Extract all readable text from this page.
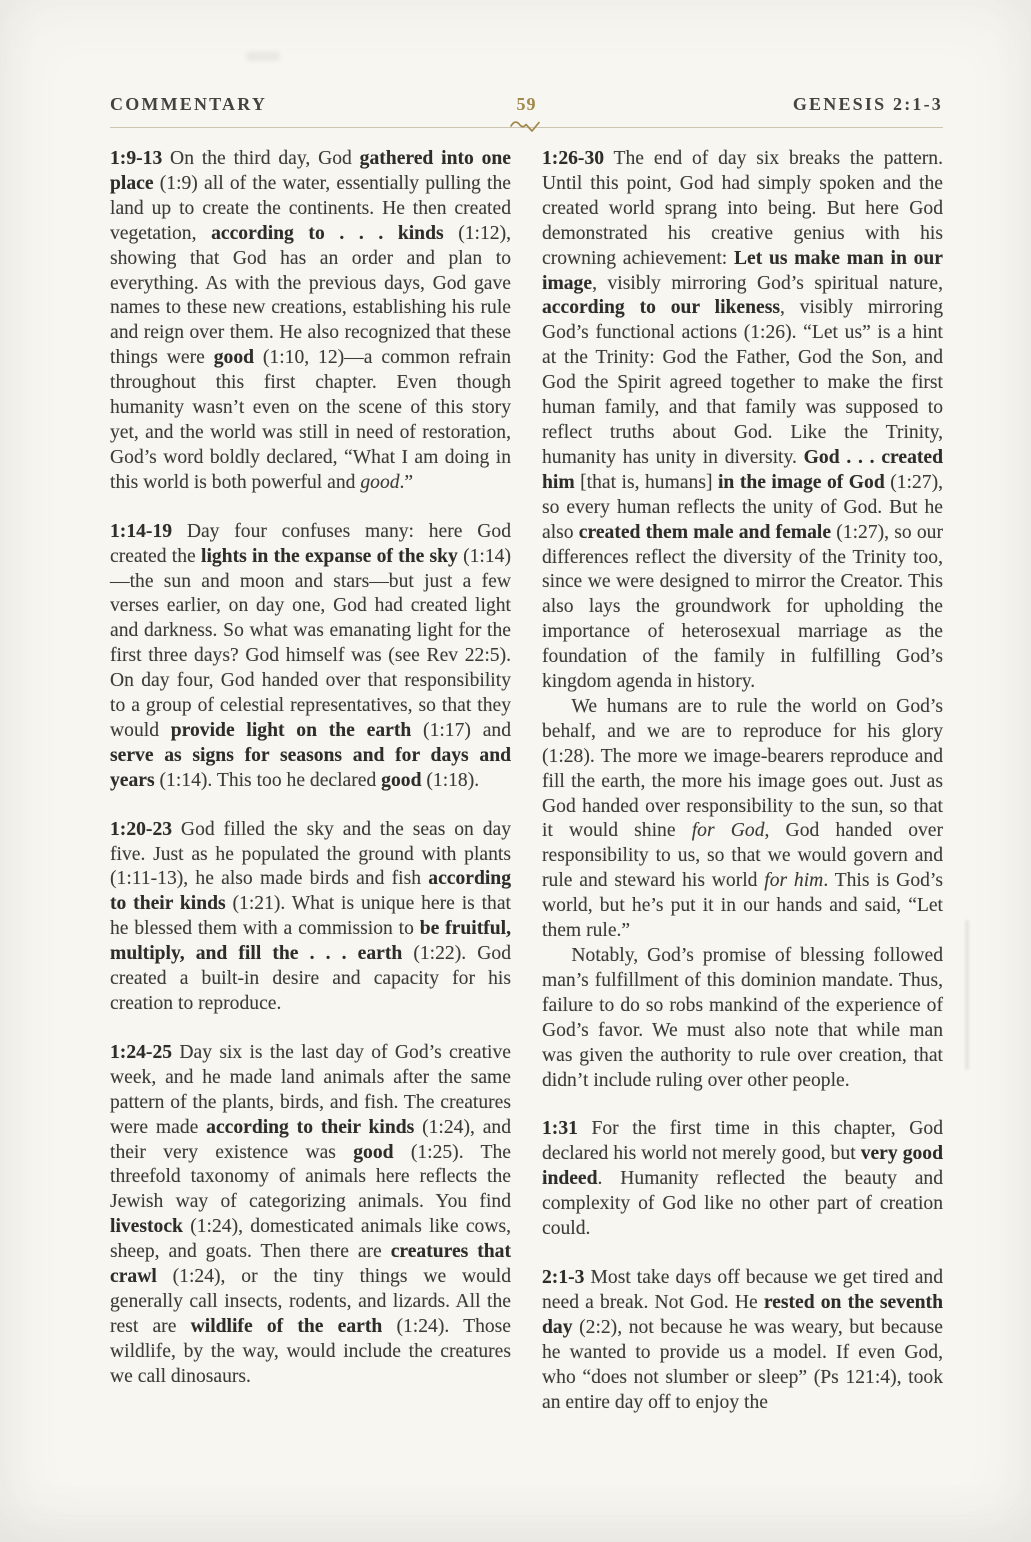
COMMENTARY	59	GENESIS 2:1-3

1:9-13 On the third day, God gathered into one place (1:9) all of the water, essentially pulling the land up to create the continents. He then created vegetation, according to . . . kinds (1:12), showing that God has an order and plan to everything. As with the previous days, God gave names to these new creations, establishing his rule and reign over them. He also recognized that these things were good (1:10, 12)—a common refrain throughout this first chapter. Even though humanity wasn’t even on the scene of this story yet, and the world was still in need of restoration, God’s word boldly declared, “What I am doing in this world is both powerful and good.”

1:14-19 Day four confuses many: here God created the lights in the expanse of the sky (1:14)—the sun and moon and stars—but just a few verses earlier, on day one, God had created light and darkness. So what was emanating light for the first three days? God himself was (see Rev 22:5). On day four, God handed over that responsibility to a group of celestial representatives, so that they would provide light on the earth (1:17) and serve as signs for seasons and for days and years (1:14). This too he declared good (1:18).

1:20-23 God filled the sky and the seas on day five. Just as he populated the ground with plants (1:11-13), he also made birds and fish according to their kinds (1:21). What is unique here is that he blessed them with a commission to be fruitful, multiply, and fill the . . . earth (1:22). God created a built-in desire and capacity for his creation to reproduce.

1:24-25 Day six is the last day of God’s creative week, and he made land animals after the same pattern of the plants, birds, and fish. The creatures were made according to their kinds (1:24), and their very existence was good (1:25). The threefold taxonomy of animals here reflects the Jewish way of categorizing animals. You find livestock (1:24), domesticated animals like cows, sheep, and goats. Then there are creatures that crawl (1:24), or the tiny things we would generally call insects, rodents, and lizards. All the rest are wildlife of the earth (1:24). Those wildlife, by the way, would include the creatures we call dinosaurs.

1:26-30 The end of day six breaks the pattern. Until this point, God had simply spoken and the created world sprang into being. But here God demonstrated his creative genius with his crowning achievement: Let us make man in our image, visibly mirroring God’s spiritual nature, according to our likeness, visibly mirroring God’s functional actions (1:26). “Let us” is a hint at the Trinity: God the Father, God the Son, and God the Spirit agreed together to make the first human family, and that family was supposed to reflect truths about God. Like the Trinity, humanity has unity in diversity. God . . . created him [that is, humans] in the image of God (1:27), so every human reflects the unity of God. But he also created them male and female (1:27), so our differences reflect the diversity of the Trinity too, since we were designed to mirror the Creator. This also lays the groundwork for upholding the importance of heterosexual marriage as the foundation of the family in fulfilling God’s kingdom agenda in history.

We humans are to rule the world on God’s behalf, and we are to reproduce for his glory (1:28). The more we image-bearers reproduce and fill the earth, the more his image goes out. Just as God handed over responsibility to the sun, so that it would shine for God, God handed over responsibility to us, so that we would govern and rule and steward his world for him. This is God’s world, but he’s put it in our hands and said, “Let them rule.”

Notably, God’s promise of blessing followed man’s fulfillment of this dominion mandate. Thus, failure to do so robs mankind of the experience of God’s favor. We must also note that while man was given the authority to rule over creation, that didn’t include ruling over other people.

1:31 For the first time in this chapter, God declared his world not merely good, but very good indeed. Humanity reflected the beauty and complexity of God like no other part of creation could.

2:1-3 Most take days off because we get tired and need a break. Not God. He rested on the seventh day (2:2), not because he was weary, but because he wanted to provide us a model. If even God, who “does not slumber or sleep” (Ps 121:4), took an entire day off to enjoy the
